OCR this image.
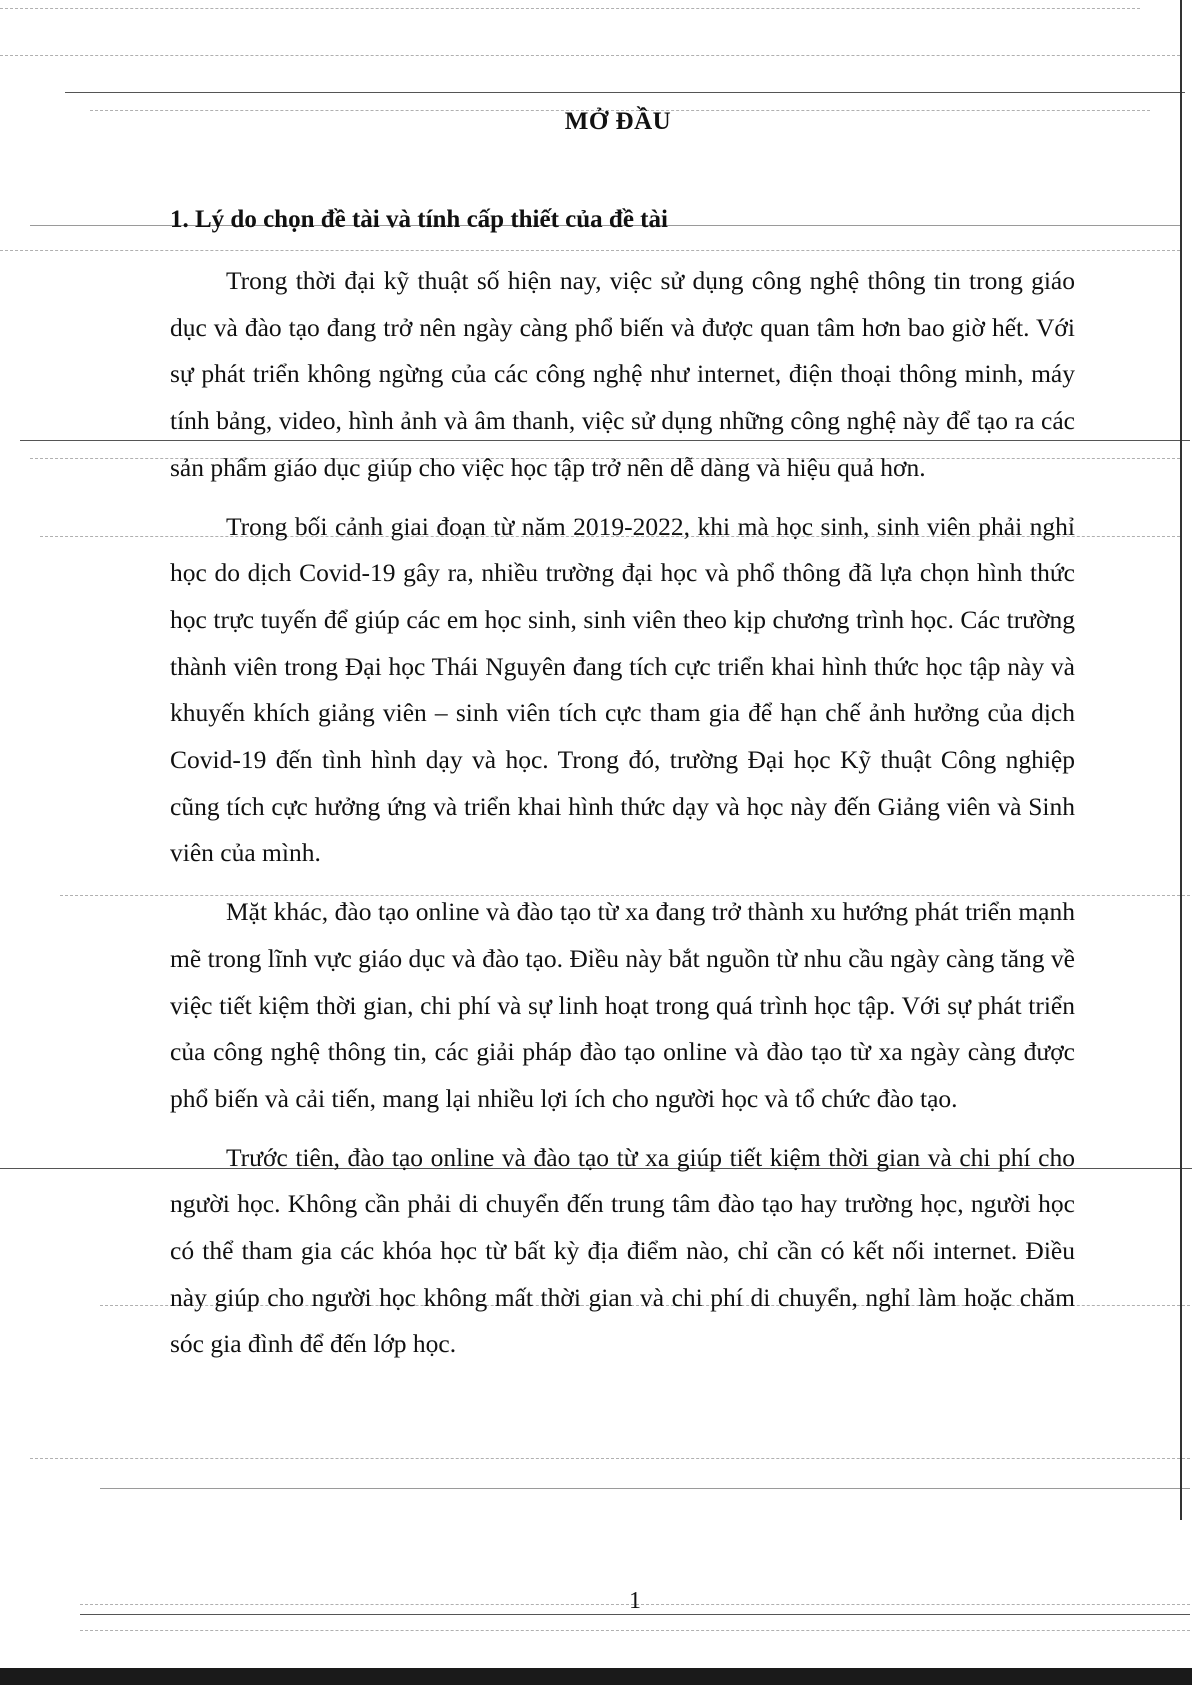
MỞ ĐẦU
1. Lý do chọn đề tài và tính cấp thiết của đề tài

Trong thời đại kỹ thuật số hiện nay, việc sử dụng công nghệ thông tin trong giáo dục và đào tạo đang trở nên ngày càng phổ biến và được quan tâm hơn bao giờ hết. Với sự phát triển không ngừng của các công nghệ như internet, điện thoại thông minh, máy tính bảng, video, hình ảnh và âm thanh, việc sử dụng những công nghệ này để tạo ra các sản phẩm giáo dục giúp cho việc học tập trở nên dễ dàng và hiệu quả hơn.

Trong bối cảnh giai đoạn từ năm 2019-2022, khi mà học sinh, sinh viên phải nghỉ học do dịch Covid-19 gây ra, nhiều trường đại học và phổ thông đã lựa chọn hình thức học trực tuyến để giúp các em học sinh, sinh viên theo kịp chương trình học. Các trường thành viên trong Đại học Thái Nguyên đang tích cực triển khai hình thức học tập này và khuyến khích giảng viên – sinh viên tích cực tham gia để hạn chế ảnh hưởng của dịch Covid-19 đến tình hình dạy và học. Trong đó, trường Đại học Kỹ thuật Công nghiệp cũng tích cực hưởng ứng và triển khai hình thức dạy và học này đến Giảng viên và Sinh viên của mình.

Mặt khác, đào tạo online và đào tạo từ xa đang trở thành xu hướng phát triển mạnh mẽ trong lĩnh vực giáo dục và đào tạo. Điều này bắt nguồn từ nhu cầu ngày càng tăng về việc tiết kiệm thời gian, chi phí và sự linh hoạt trong quá trình học tập. Với sự phát triển của công nghệ thông tin, các giải pháp đào tạo online và đào tạo từ xa ngày càng được phổ biến và cải tiến, mang lại nhiều lợi ích cho người học và tổ chức đào tạo.

Trước tiên, đào tạo online và đào tạo từ xa giúp tiết kiệm thời gian và chi phí cho người học. Không cần phải di chuyển đến trung tâm đào tạo hay trường học, người học có thể tham gia các khóa học từ bất kỳ địa điểm nào, chỉ cần có kết nối internet. Điều này giúp cho người học không mất thời gian và chi phí di chuyển, nghỉ làm hoặc chăm sóc gia đình để đến lớp học.

1
